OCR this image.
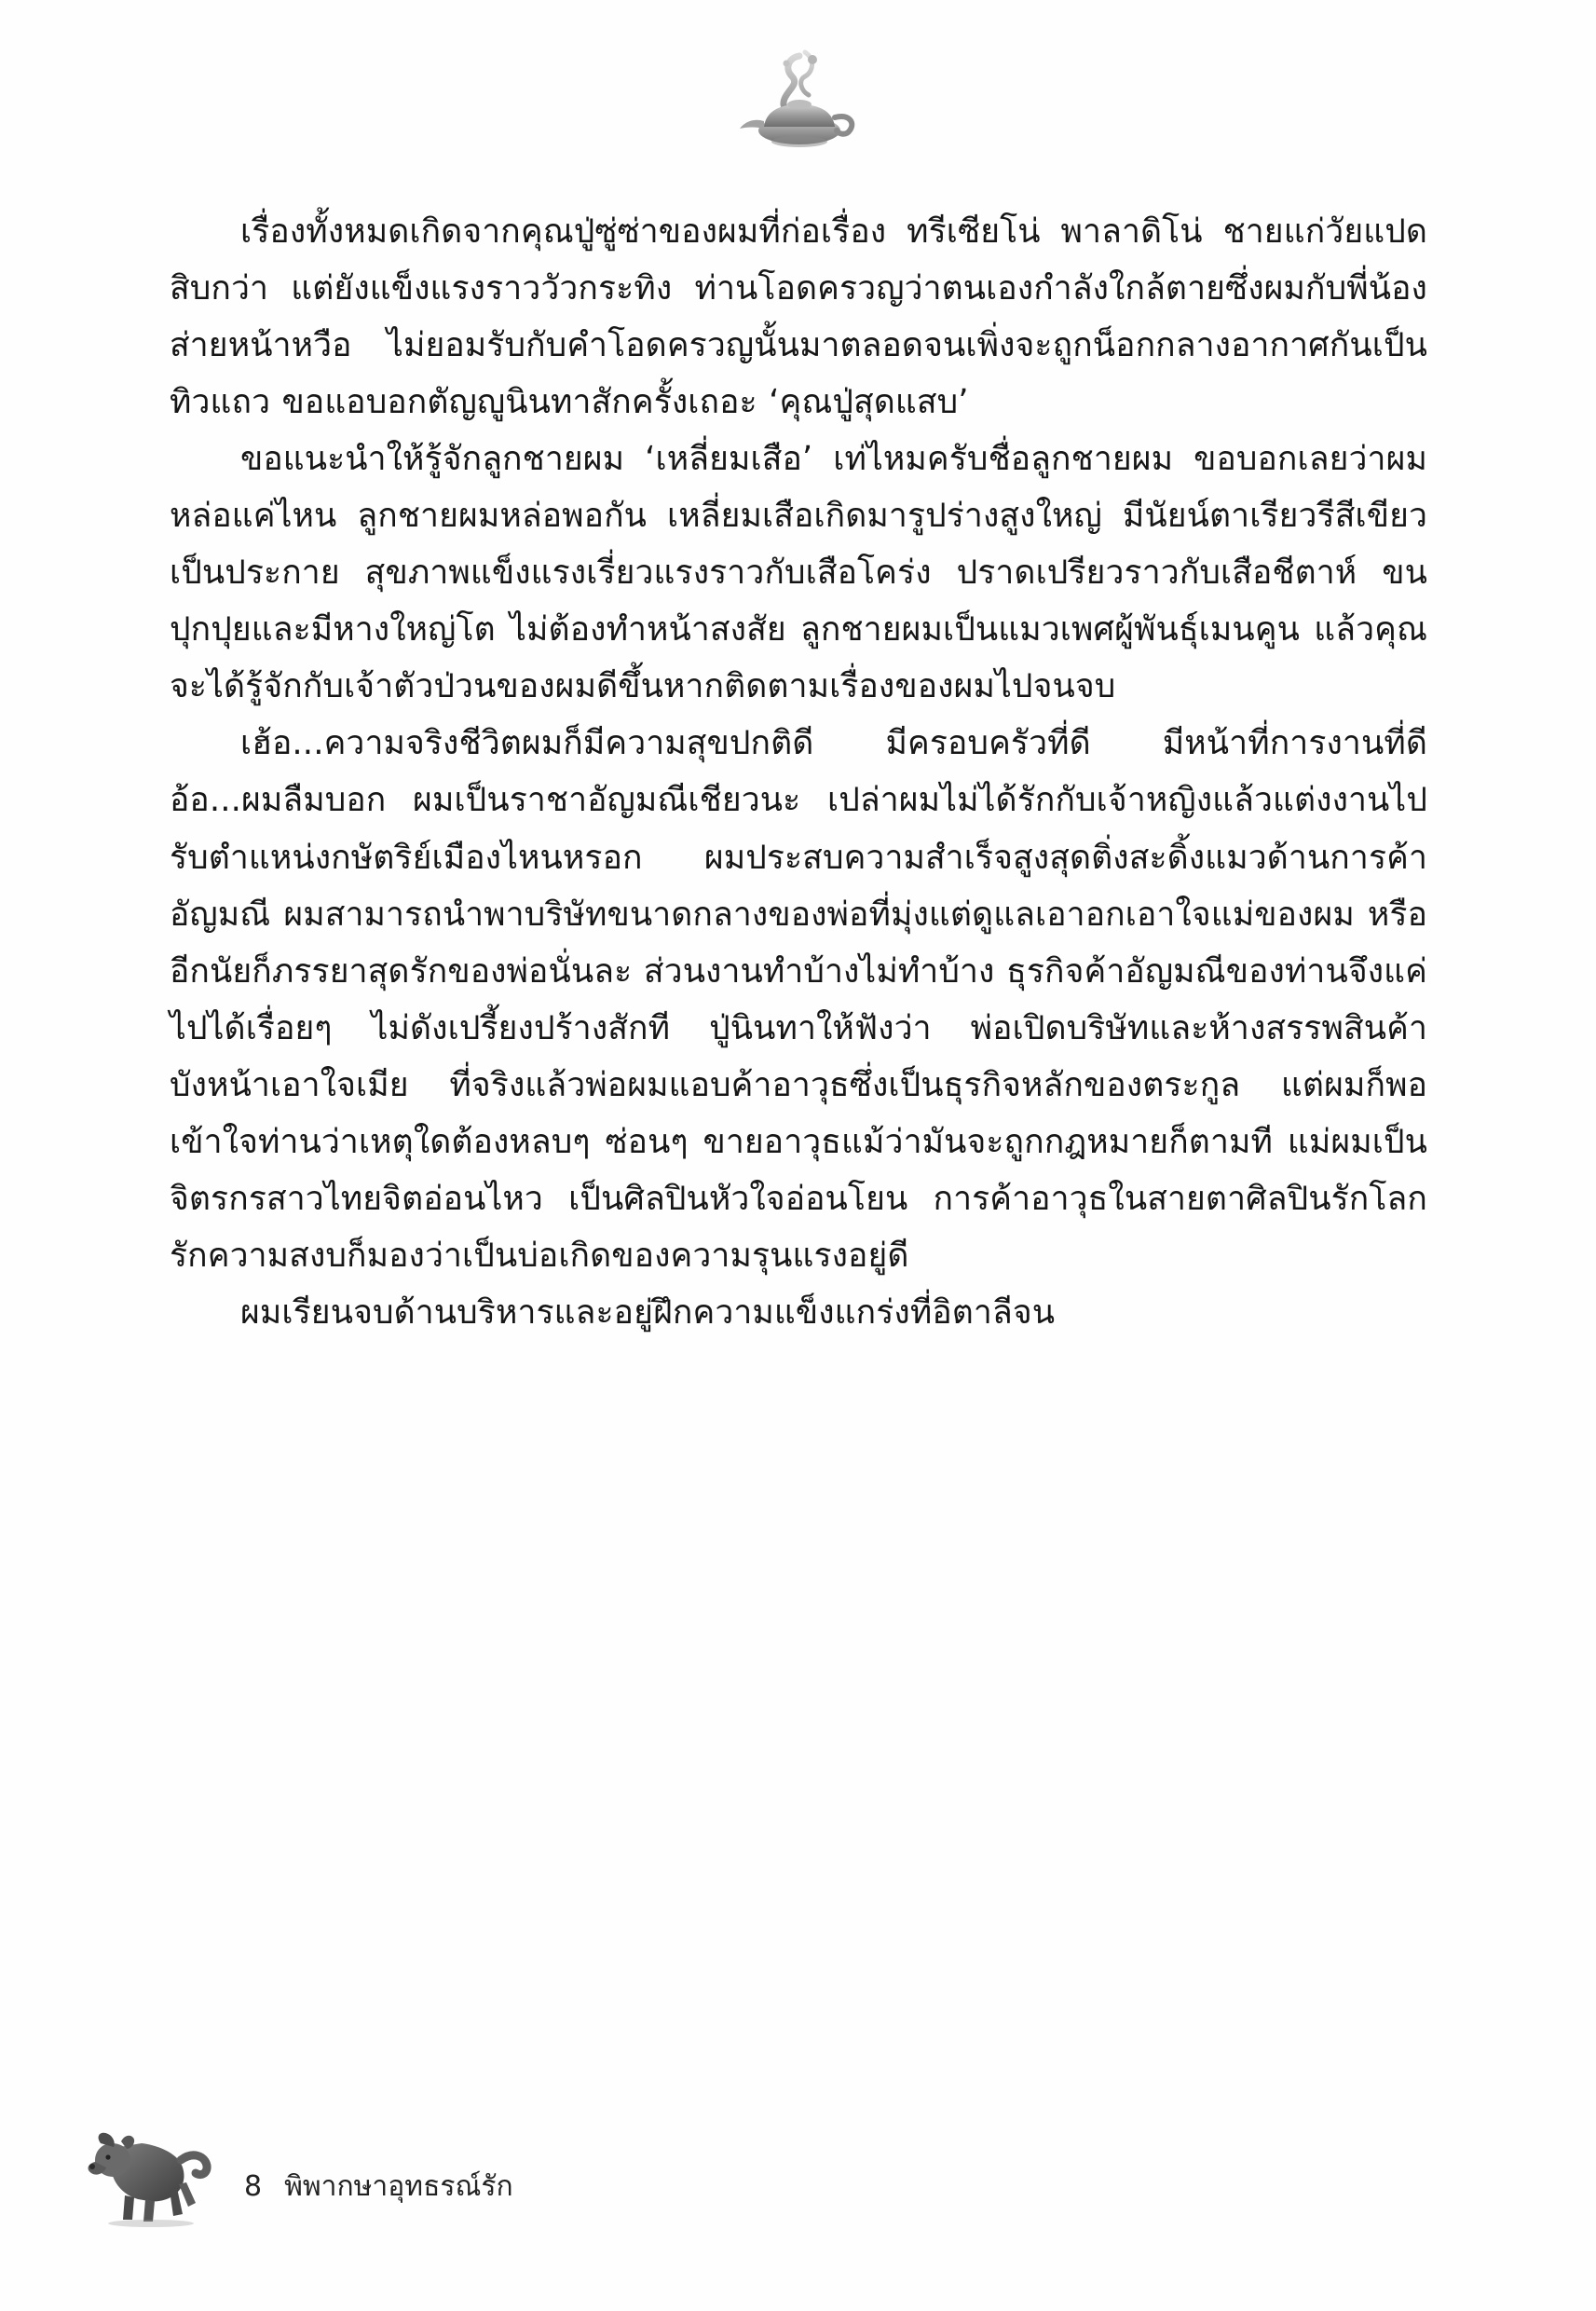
เรื่องทั้งหมดเกิดจากคุณปู่ซู่ซ่าของผมที่ก่อเรื่อง ทรีเซียโน่ พาลาดิโน่ ชายแก่วัยแปดสิบกว่า แต่ยังแข็งแรงราววัวกระทิง ท่านโอดครวญว่าตนเองกำลังใกล้ตายซึ่งผมกับพี่น้องส่ายหน้าหวือ ไม่ยอมรับกับคำโอดครวญนั้นมาตลอดจนเพิ่งจะถูกน็อกกลางอากาศกันเป็นทิวแถว ขอแอบอกตัญญูนินทาสักครั้งเถอะ ‘คุณปู่สุดแสบ’

ขอแนะนำให้รู้จักลูกชายผม ‘เหลี่ยมเสือ’ เท่ไหมครับชื่อลูกชายผม ขอบอกเลยว่าผมหล่อแค่ไหน ลูกชายผมหล่อพอกัน เหลี่ยมเสือเกิดมารูปร่างสูงใหญ่ มีนัยน์ตาเรียวรีสีเขียวเป็นประกาย สุขภาพแข็งแรงเรี่ยวแรงราวกับเสือโคร่ง ปราดเปรียวราวกับเสือชีตาห์ ขนปุกปุยและมีหางใหญ่โต ไม่ต้องทำหน้าสงสัย ลูกชายผมเป็นแมวเพศผู้พันธุ์เมนคูน แล้วคุณจะได้รู้จักกับเจ้าตัวป่วนของผมดีขึ้นหากติดตามเรื่องของผมไปจนจบ

เฮ้อ...ความจริงชีวิตผมก็มีความสุขปกติดี มีครอบครัวที่ดี มีหน้าที่การงานที่ดี อ้อ...ผมลืมบอก ผมเป็นราชาอัญมณีเชียวนะ เปล่าผมไม่ได้รักกับเจ้าหญิงแล้วแต่งงานไปรับตำแหน่งกษัตริย์เมืองไหนหรอก ผมประสบความสำเร็จสูงสุดติ่งสะดิ้งแมวด้านการค้าอัญมณี ผมสามารถนำพาบริษัทขนาดกลางของพ่อที่มุ่งแต่ดูแลเอาอกเอาใจแม่ของผม หรืออีกนัยก็ภรรยาสุดรักของพ่อนั่นละ ส่วนงานทำบ้างไม่ทำบ้าง ธุรกิจค้าอัญมณีของท่านจึงแค่ไปได้เรื่อยๆ ไม่ดังเปรี้ยงปร้างสักที ปู่นินทาให้ฟังว่า พ่อเปิดบริษัทและห้างสรรพสินค้าบังหน้าเอาใจเมีย ที่จริงแล้วพ่อผมแอบค้าอาวุธซึ่งเป็นธุรกิจหลักของตระกูล แต่ผมก็พอเข้าใจท่านว่าเหตุใดต้องหลบๆ ซ่อนๆ ขายอาวุธแม้ว่ามันจะถูกกฎหมายก็ตามที แม่ผมเป็นจิตรกรสาวไทยจิตอ่อนไหว เป็นศิลปินหัวใจอ่อนโยน การค้าอาวุธในสายตาศิลปินรักโลกรักความสงบก็มองว่าเป็นบ่อเกิดของความรุนแรงอยู่ดี

ผมเรียนจบด้านบริหารและอยู่ฝึกความแข็งแกร่งที่อิตาลีจน

8 พิพากษาอุทธรณ์รัก
